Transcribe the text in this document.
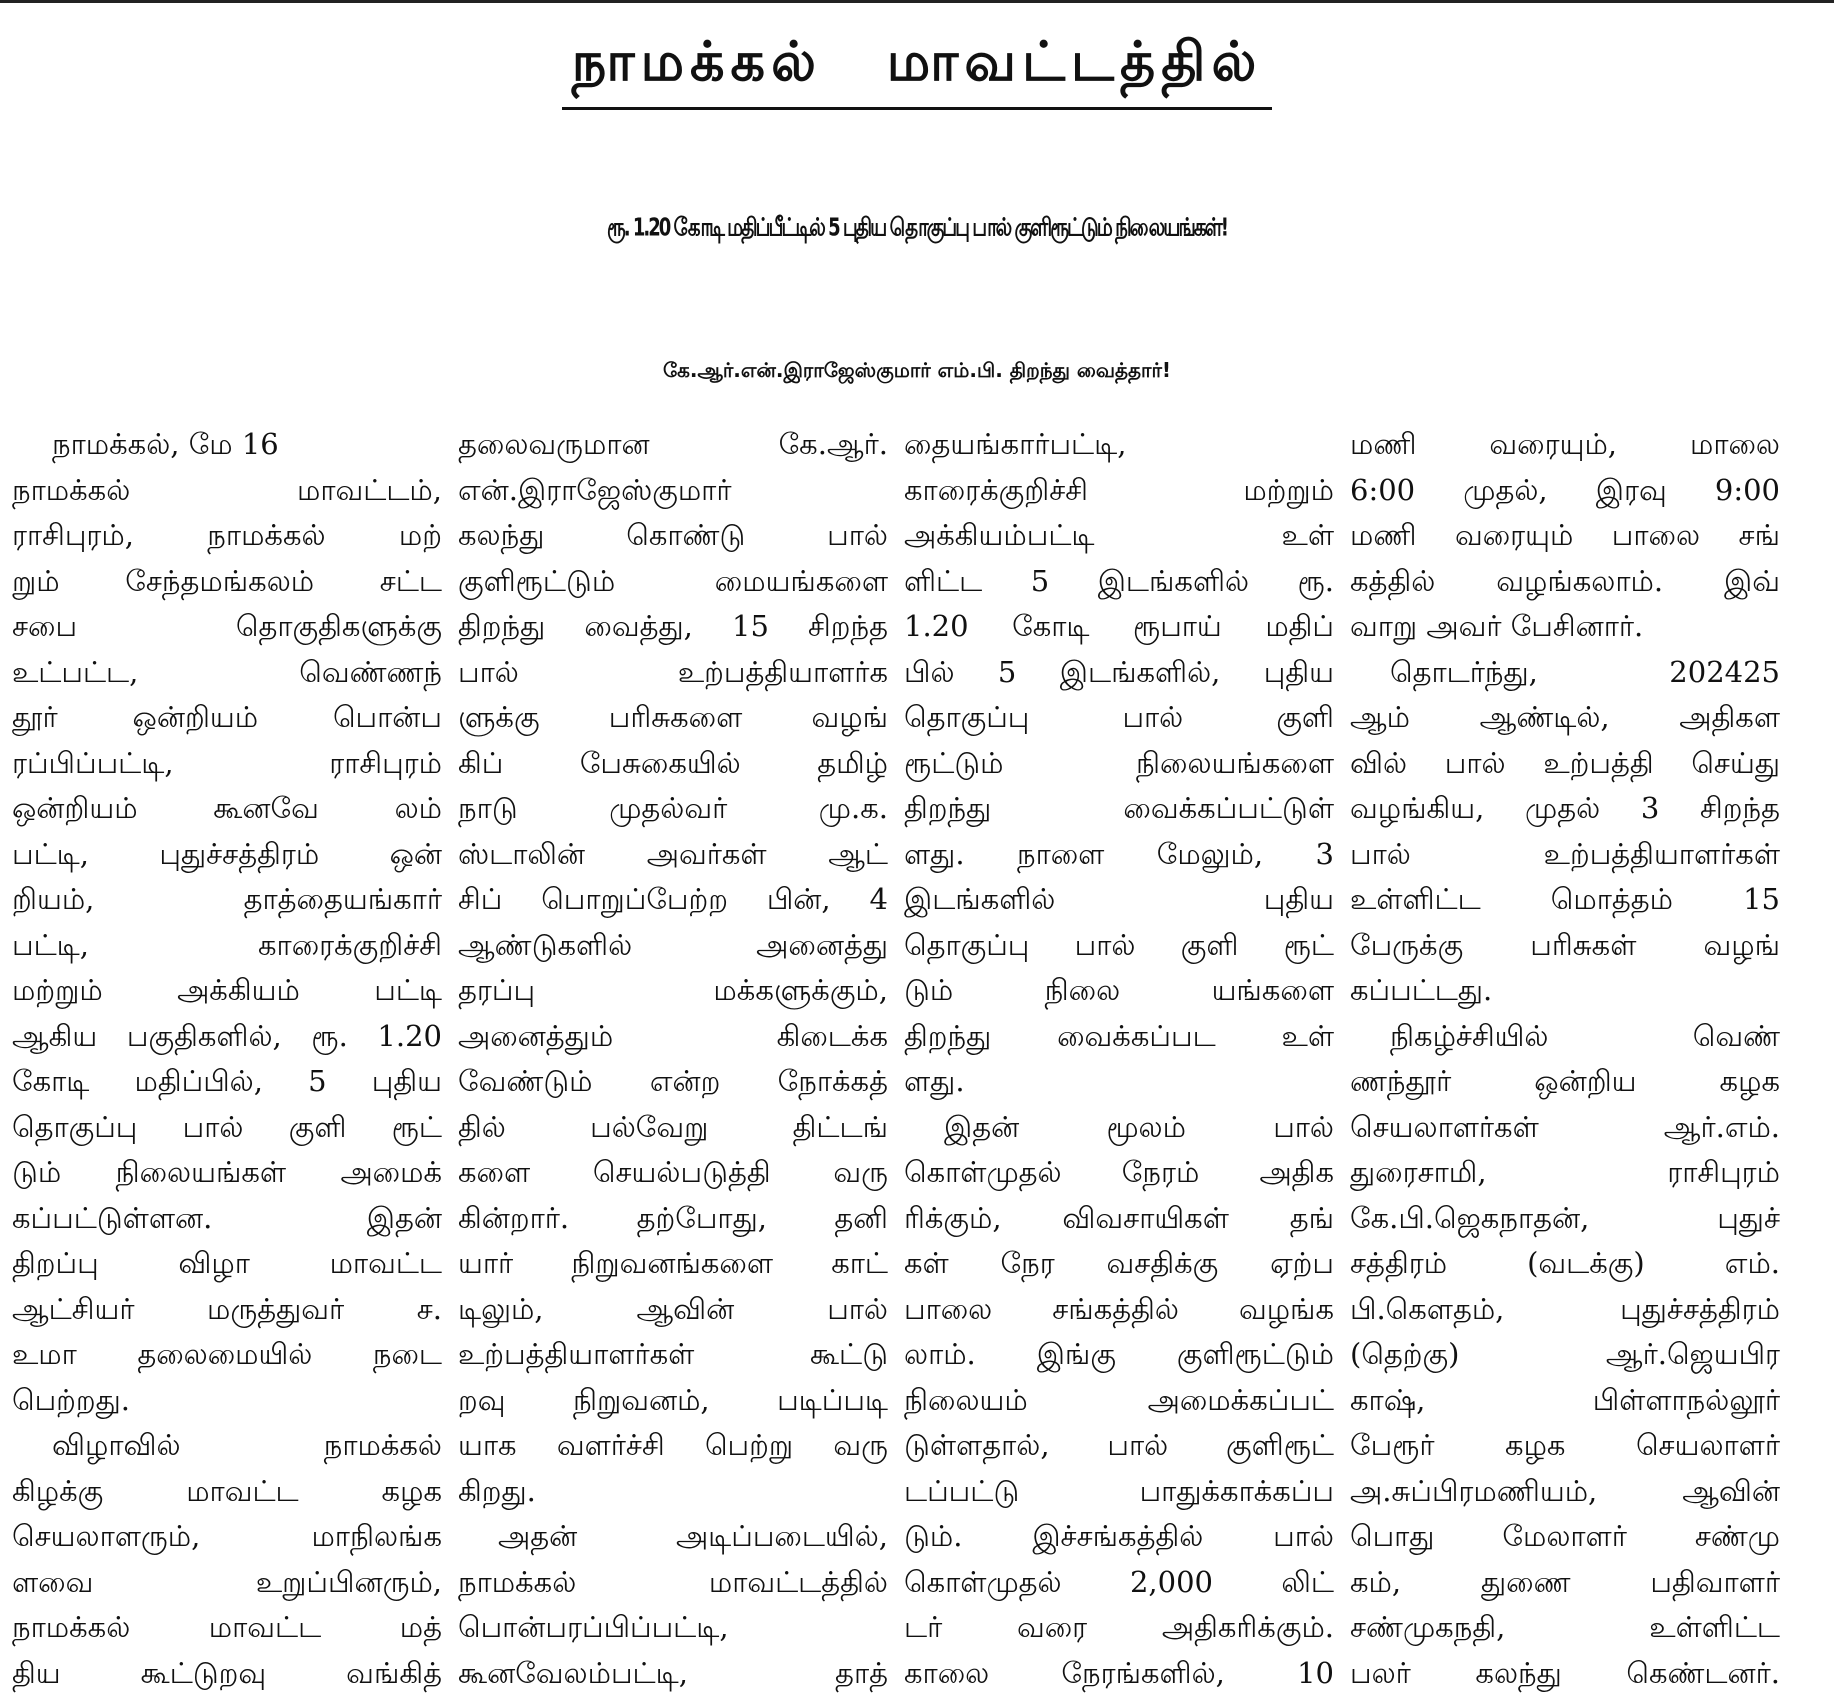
நாமக்கல் மாவட்டத்தில்
ரூ. 1.20 கோடி மதிப்பீட்டில் 5 புதிய தொகுப்பு பால் குளிரூட்டும் நிலையங்கள்!
கே.ஆர்.என்.இராஜேஸ்குமார் எம்.பி. திறந்து வைத்தார்!
நாமக்கல், மே 16
நாமக்கல் மாவட்டம்,
ராசிபுரம், நாமக்கல் மற்
றும் சேந்தமங்கலம் சட்ட
சபை தொகுதிகளுக்கு
உட்பட்ட, வெண்ணந்
தூர் ஒன்றியம் பொன்ப
ரப்பிப்பட்டி, ராசிபுரம்
ஒன்றியம் கூனவே லம்
பட்டி, புதுச்சத்திரம் ஒன்
றியம், தாத்தையங்கார்
பட்டி, காரைக்குறிச்சி
மற்றும் அக்கியம் பட்டி
ஆகிய பகுதிகளில், ரூ. 1.20
கோடி மதிப்பில், 5 புதிய
தொகுப்பு பால் குளி ரூட்
டும் நிலையங்கள் அமைக்
கப்பட்டுள்ளன. இதன்
திறப்பு விழா மாவட்ட
ஆட்சியர் மருத்துவர் ச.
உமா தலைமையில் நடை
பெற்றது.
விழாவில் நாமக்கல்
கிழக்கு மாவட்ட கழக
செயலாளரும், மாநிலங்க
ளவை உறுப்பினரும்,
நாமக்கல் மாவட்ட மத்
திய கூட்டுறவு வங்கித்
தலைவருமான கே.ஆர்.
என்.இராஜேஸ்குமார்
கலந்து கொண்டு பால்
குளிரூட்டும் மையங்களை
திறந்து வைத்து, 15 சிறந்த
பால் உற்பத்தியாளர்க
ளுக்கு பரிசுகளை வழங்
கிப் பேசுகையில் தமிழ்
நாடு முதல்வர் மு.க.
ஸ்டாலின் அவர்கள் ஆட்
சிப் பொறுப்பேற்ற பின், 4
ஆண்டுகளில் அனைத்து
தரப்பு மக்களுக்கும்,
அனைத்தும் கிடைக்க
வேண்டும் என்ற நோக்கத்
தில் பல்வேறு திட்டங்
களை செயல்படுத்தி வரு
கின்றார். தற்போது, தனி
யார் நிறுவனங்களை காட்
டிலும், ஆவின் பால்
உற்பத்தியாளர்கள் கூட்டு
றவு நிறுவனம், படிப்படி
யாக வளர்ச்சி பெற்று வரு
கிறது.
அதன் அடிப்படையில்,
நாமக்கல் மாவட்டத்தில்
பொன்பரப்பிப்பட்டி,
கூனவேலம்பட்டி, தாத்
தையங்கார்பட்டி,
காரைக்குறிச்சி மற்றும்
அக்கியம்பட்டி உள்
ளிட்ட 5 இடங்களில் ரூ.
1.20 கோடி ரூபாய் மதிப்
பில் 5 இடங்களில், புதிய
தொகுப்பு பால் குளி
ரூட்டும் நிலையங்களை
திறந்து வைக்கப்பட்டுள்
ளது. நாளை மேலும், 3
இடங்களில் புதிய
தொகுப்பு பால் குளி ரூட்
டும் நிலை யங்களை
திறந்து வைக்கப்பட உள்
ளது.
இதன் மூலம் பால்
கொள்முதல் நேரம் அதிக
ரிக்கும், விவசாயிகள் தங்
கள் நேர வசதிக்கு ஏற்ப
பாலை சங்கத்தில் வழங்க
லாம். இங்கு குளிரூட்டும்
நிலையம் அமைக்கப்பட்
டுள்ளதால், பால் குளிரூட்
டப்பட்டு பாதுக்காக்கப்ப
டும். இச்சங்கத்தில் பால்
கொள்முதல் 2,000 லிட்
டர் வரை அதிகரிக்கும்.
காலை நேரங்களில், 10
மணி வரையும், மாலை
6:00 முதல், இரவு 9:00
மணி வரையும் பாலை சங்
கத்தில் வழங்கலாம். இவ்
வாறு அவர் பேசினார்.
தொடர்ந்து, 202425
ஆம் ஆண்டில், அதிகள
வில் பால் உற்பத்தி செய்து
வழங்கிய, முதல் 3 சிறந்த
பால் உற்பத்தியாளர்கள்
உள்ளிட்ட மொத்தம் 15
பேருக்கு பரிசுகள் வழங்
கப்பட்டது.
நிகழ்ச்சியில் வெண்
ணந்தூர் ஒன்றிய கழக
செயலாளர்கள் ஆர்.எம்.
துரைசாமி, ராசிபுரம்
கே.பி.ஜெகநாதன், புதுச்
சத்திரம் (வடக்கு) எம்.
பி.கௌதம், புதுச்சத்திரம்
(தெற்கு) ஆர்.ஜெயபிர
காஷ், பிள்ளாநல்லூர்
பேரூர் கழக செயலாளர்
அ.சுப்பிரமணியம், ஆவின்
பொது மேலாளர் சண்மு
கம், துணை பதிவாளர்
சண்முகநதி, உள்ளிட்ட
பலர் கலந்து கெண்டனர்.
